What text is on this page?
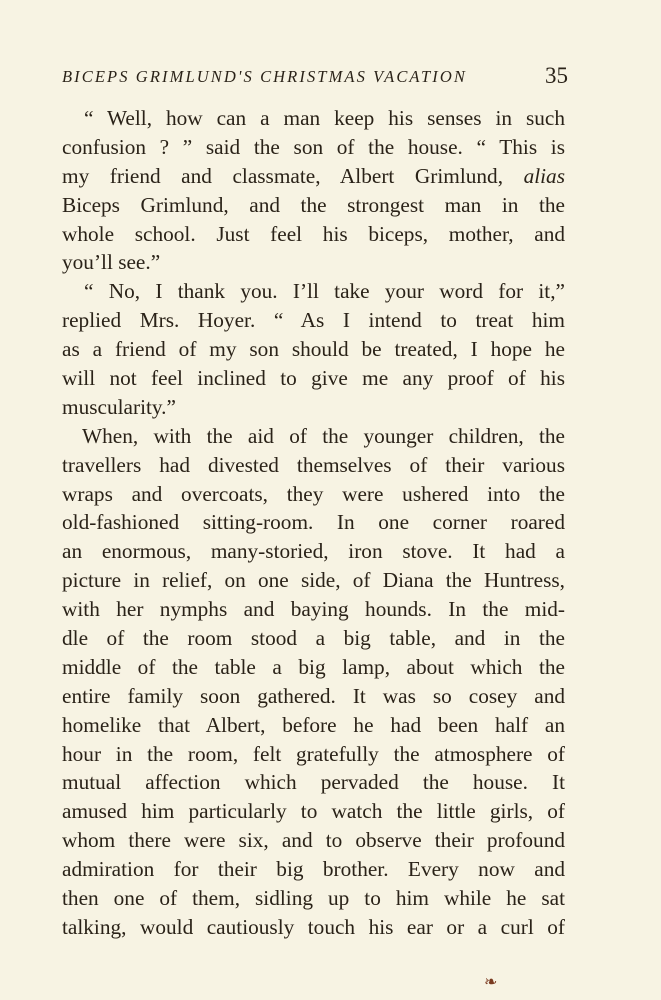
BICEPS GRIMLUND'S CHRISTMAS VACATION	35
“ Well, how can a man keep his senses in such
confusion ? ” said the son of the house. “ This is
my friend and classmate, Albert Grimlund, alias
Biceps Grimlund, and the strongest man in the
whole school. Just feel his biceps, mother, and
you’ll see.”
“ No, I thank you. I’ll take your word for it,”
replied Mrs. Hoyer. “ As I intend to treat him
as a friend of my son should be treated, I hope he
will not feel inclined to give me any proof of his
muscularity.”
When, with the aid of the younger children, the
travellers had divested themselves of their various
wraps and overcoats, they were ushered into the
old-fashioned sitting-room. In one corner roared
an enormous, many-storied, iron stove. It had a
picture in relief, on one side, of Diana the Huntress,
with her nymphs and baying hounds. In the mid-
dle of the room stood a big table, and in the
middle of the table a big lamp, about which the
entire family soon gathered. It was so cosey and
homelike that Albert, before he had been half an
hour in the room, felt gratefully the atmosphere of
mutual affection which pervaded the house. It
amused him particularly to watch the little girls, of
whom there were six, and to observe their profound
admiration for their big brother. Every now and
then one of them, sidling up to him while he sat
talking, would cautiously touch his ear or a curl of
❧
